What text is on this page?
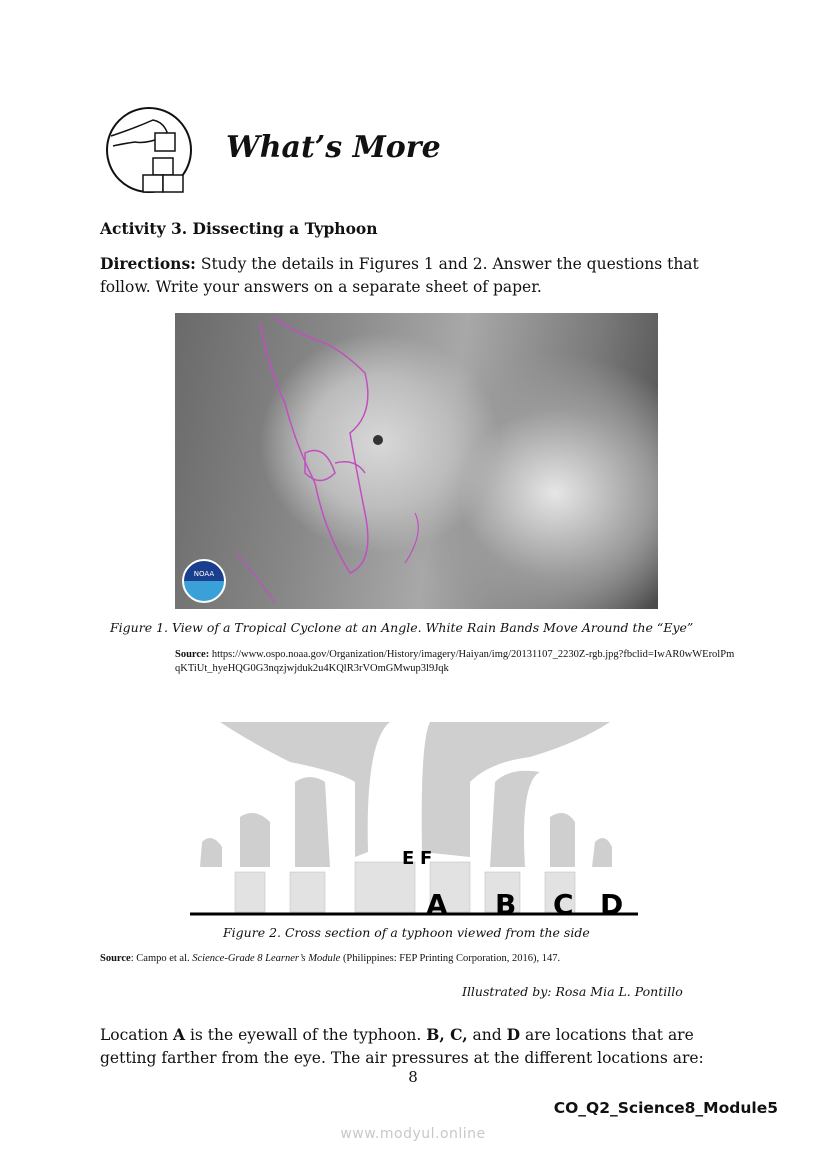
What’s More
Activity 3. Dissecting a Typhoon
Directions: Study the details in Figures 1 and 2. Answer the questions that follow. Write your answers on a separate sheet of paper.
NOAA
Figure 1. View of a Tropical Cyclone at an Angle. White Rain Bands Move Around the “Eye”
Source: https://www.ospo.noaa.gov/Organization/History/imagery/Haiyan/img/20131107_2230Z-rgb.jpg?fbclid=IwAR0wWErolPmqKTiUt_hyeHQG0G3nqzjwjduk2u4KQlR3rVOmGMwup3l9Jqk
E F
A B C D
Figure 2. Cross section of a typhoon viewed from the side
Source: Campo et al. Science-Grade 8 Learner’s Module (Philippines: FEP Printing Corporation, 2016), 147.
Illustrated by: Rosa Mia L. Pontillo
Location A is the eyewall of the typhoon. B, C, and D are locations that are getting farther from the eye. The air pressures at the different locations are:
8
CO_Q2_Science8_Module5
www.modyul.online
